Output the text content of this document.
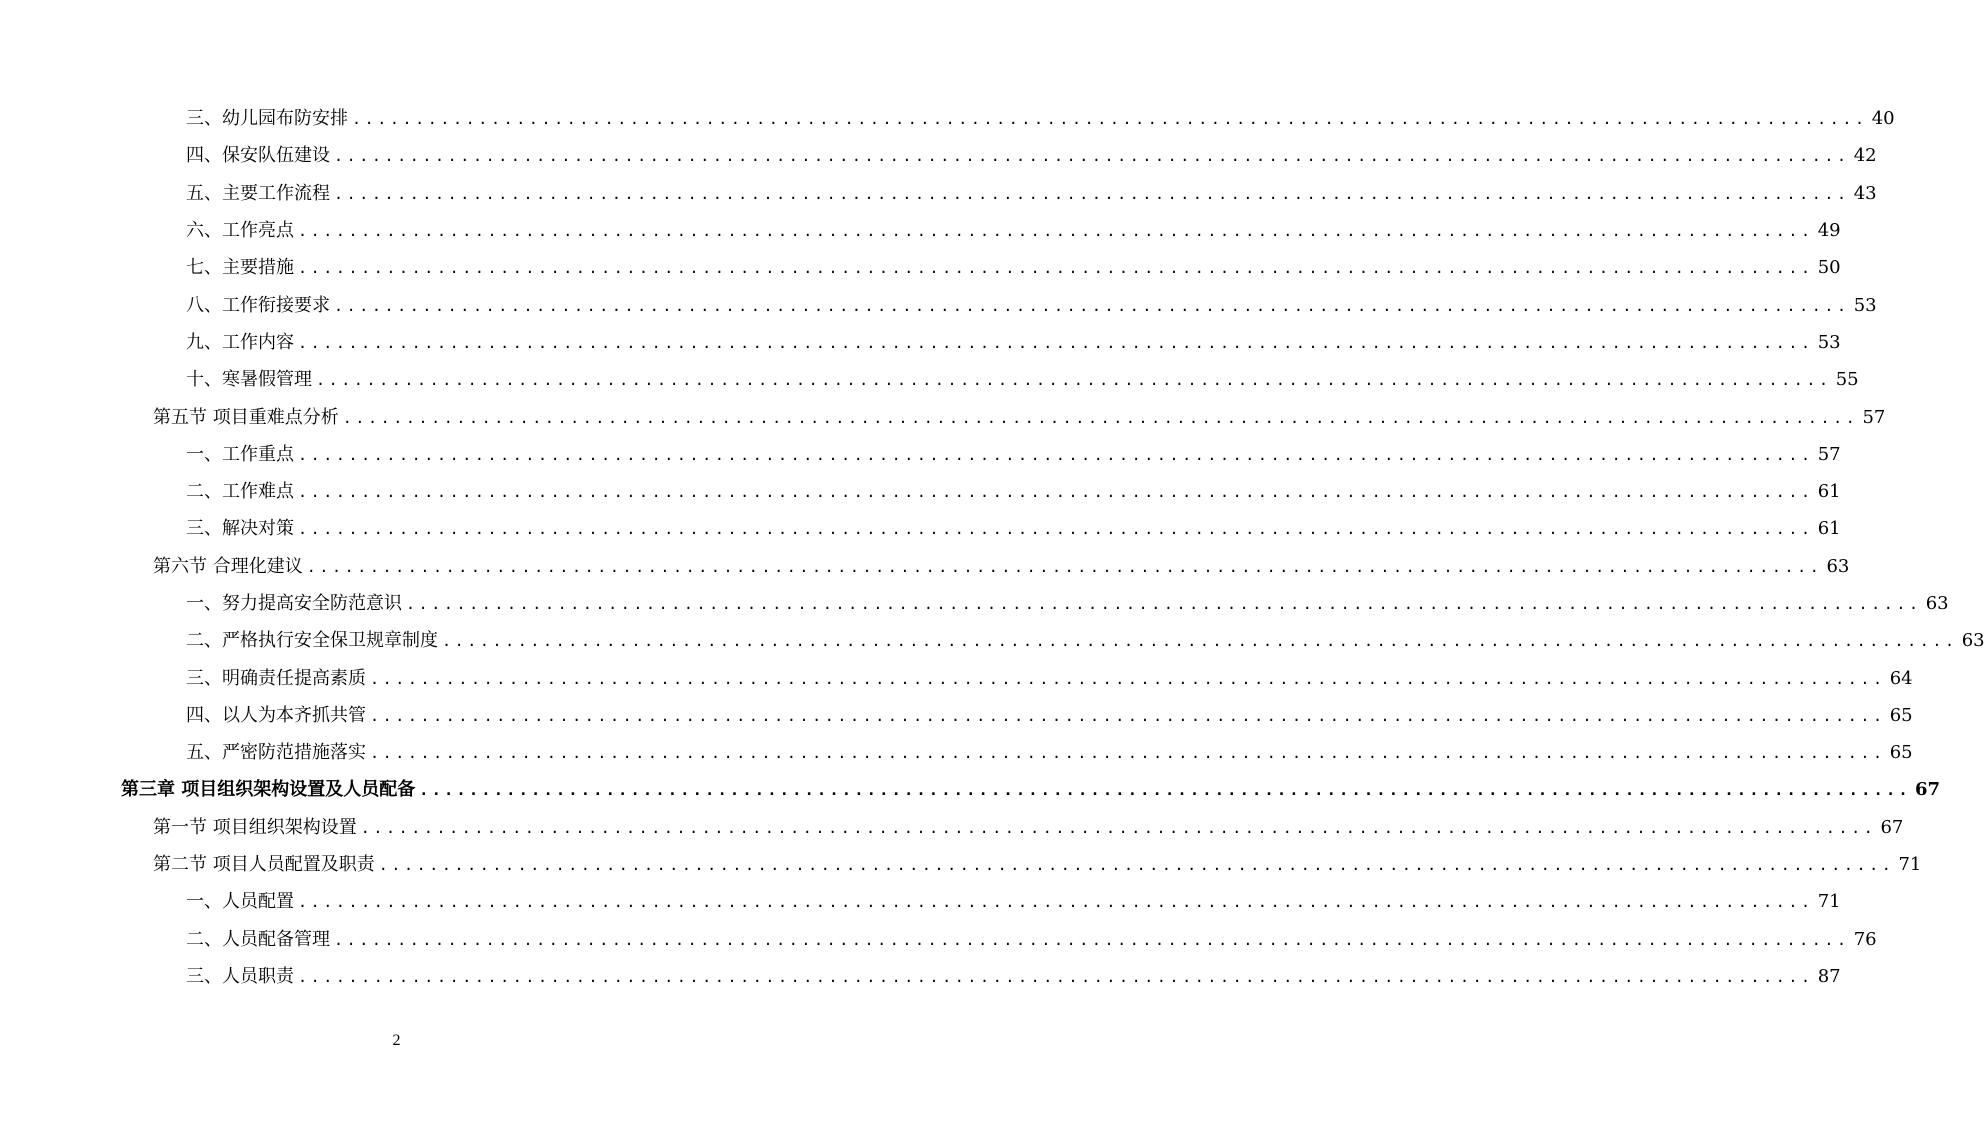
三、幼儿园布防安排 ........................................................................................................................ 40
四、保安队伍建设 ........................................................................................................................ 42
五、主要工作流程 ........................................................................................................................ 43
六、工作亮点 ........................................................................................................................ 49
七、主要措施 ........................................................................................................................ 50
八、工作衔接要求 ........................................................................................................................ 53
九、工作内容 ........................................................................................................................ 53
十、寒暑假管理 ........................................................................................................................ 55
第五节 项目重难点分析 ........................................................................................................................ 57
一、工作重点 ........................................................................................................................ 57
二、工作难点 ........................................................................................................................ 61
三、解决对策 ........................................................................................................................ 61
第六节 合理化建议 ........................................................................................................................ 63
一、努力提高安全防范意识 ........................................................................................................................ 63
二、严格执行安全保卫规章制度 ........................................................................................................................ 63
三、明确责任提高素质 ........................................................................................................................ 64
四、以人为本齐抓共管 ........................................................................................................................ 65
五、严密防范措施落实 ........................................................................................................................ 65
第三章 项目组织架构设置及人员配备 ........................................................................................................................ 67
第一节 项目组织架构设置 ........................................................................................................................ 67
第二节 项目人员配置及职责 ........................................................................................................................ 71
一、人员配置 ........................................................................................................................ 71
二、人员配备管理 ........................................................................................................................ 76
三、人员职责 ........................................................................................................................ 87
2
